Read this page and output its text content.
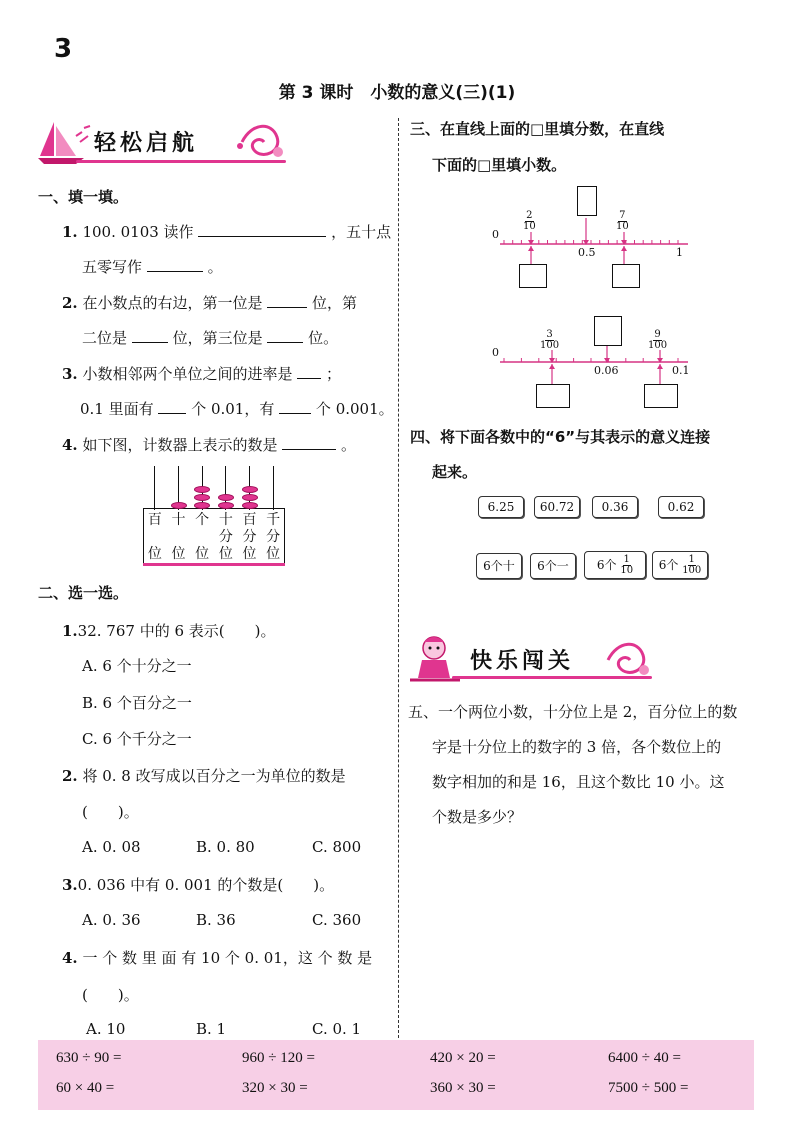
3
第 3 课时　小数的意义(三)(1)
轻松启航
一、填一填。
1. 100. 0103 读作	，五十点
五零写作	。
2. 在小数点的右边，第一位是	位，第
二位是	位，第三位是	位。
3. 小数相邻两个单位之间的进率是 ；
0.1 里面有	个 0.01，有	个 0.001。
4. 如下图，计数器上表示的数是	。
百

位
十

位
个

位
十
分
位
百
分
位
千
分
位
二、选一选。
1.32. 767 中的 6 表示(　　)。
A. 6 个十分之一
B. 6 个百分之一
C. 6 个千分之一
2. 将 0. 8 改写成以百分之一为单位的数是
(　　)。
A. 0. 08	B. 0. 80	C. 800
3.0. 036 中有 0. 001 的个数是(　　)。
A. 0. 36	B. 36	C. 360
4. 一 个 数 里 面 有 10 个 0. 01，这 个 数 是
(　　)。
A. 10	B. 1	C. 0. 1
三、在直线上面的□里填分数，在直线
下面的□里填小数。
0
0.5	1
$\frac{2}{10}$	$\frac{7}{10}$
0
0.06	0.1
$\frac{3}{100}$	$\frac{9}{100}$
四、将下面各数中的“6”与其表示的意义连接
起来。
6.25	60.72	0.36	0.62
6个十	6个一	6个 $\frac{1}{10}$	6个 $\frac{1}{100}$
快乐闯关
五、一个两位小数，十分位上是 2，百分位上的数
字是十分位上的数字的 3 倍，各个数位上的
数字相加的和是 16，且这个数比 10 小。这
个数是多少？
630 ÷ 90 =	960 ÷ 120 =	420 × 20 =	6400 ÷ 40 =
60 × 40 =	320 × 30 =	360 × 30 =	7500 ÷ 500 =
